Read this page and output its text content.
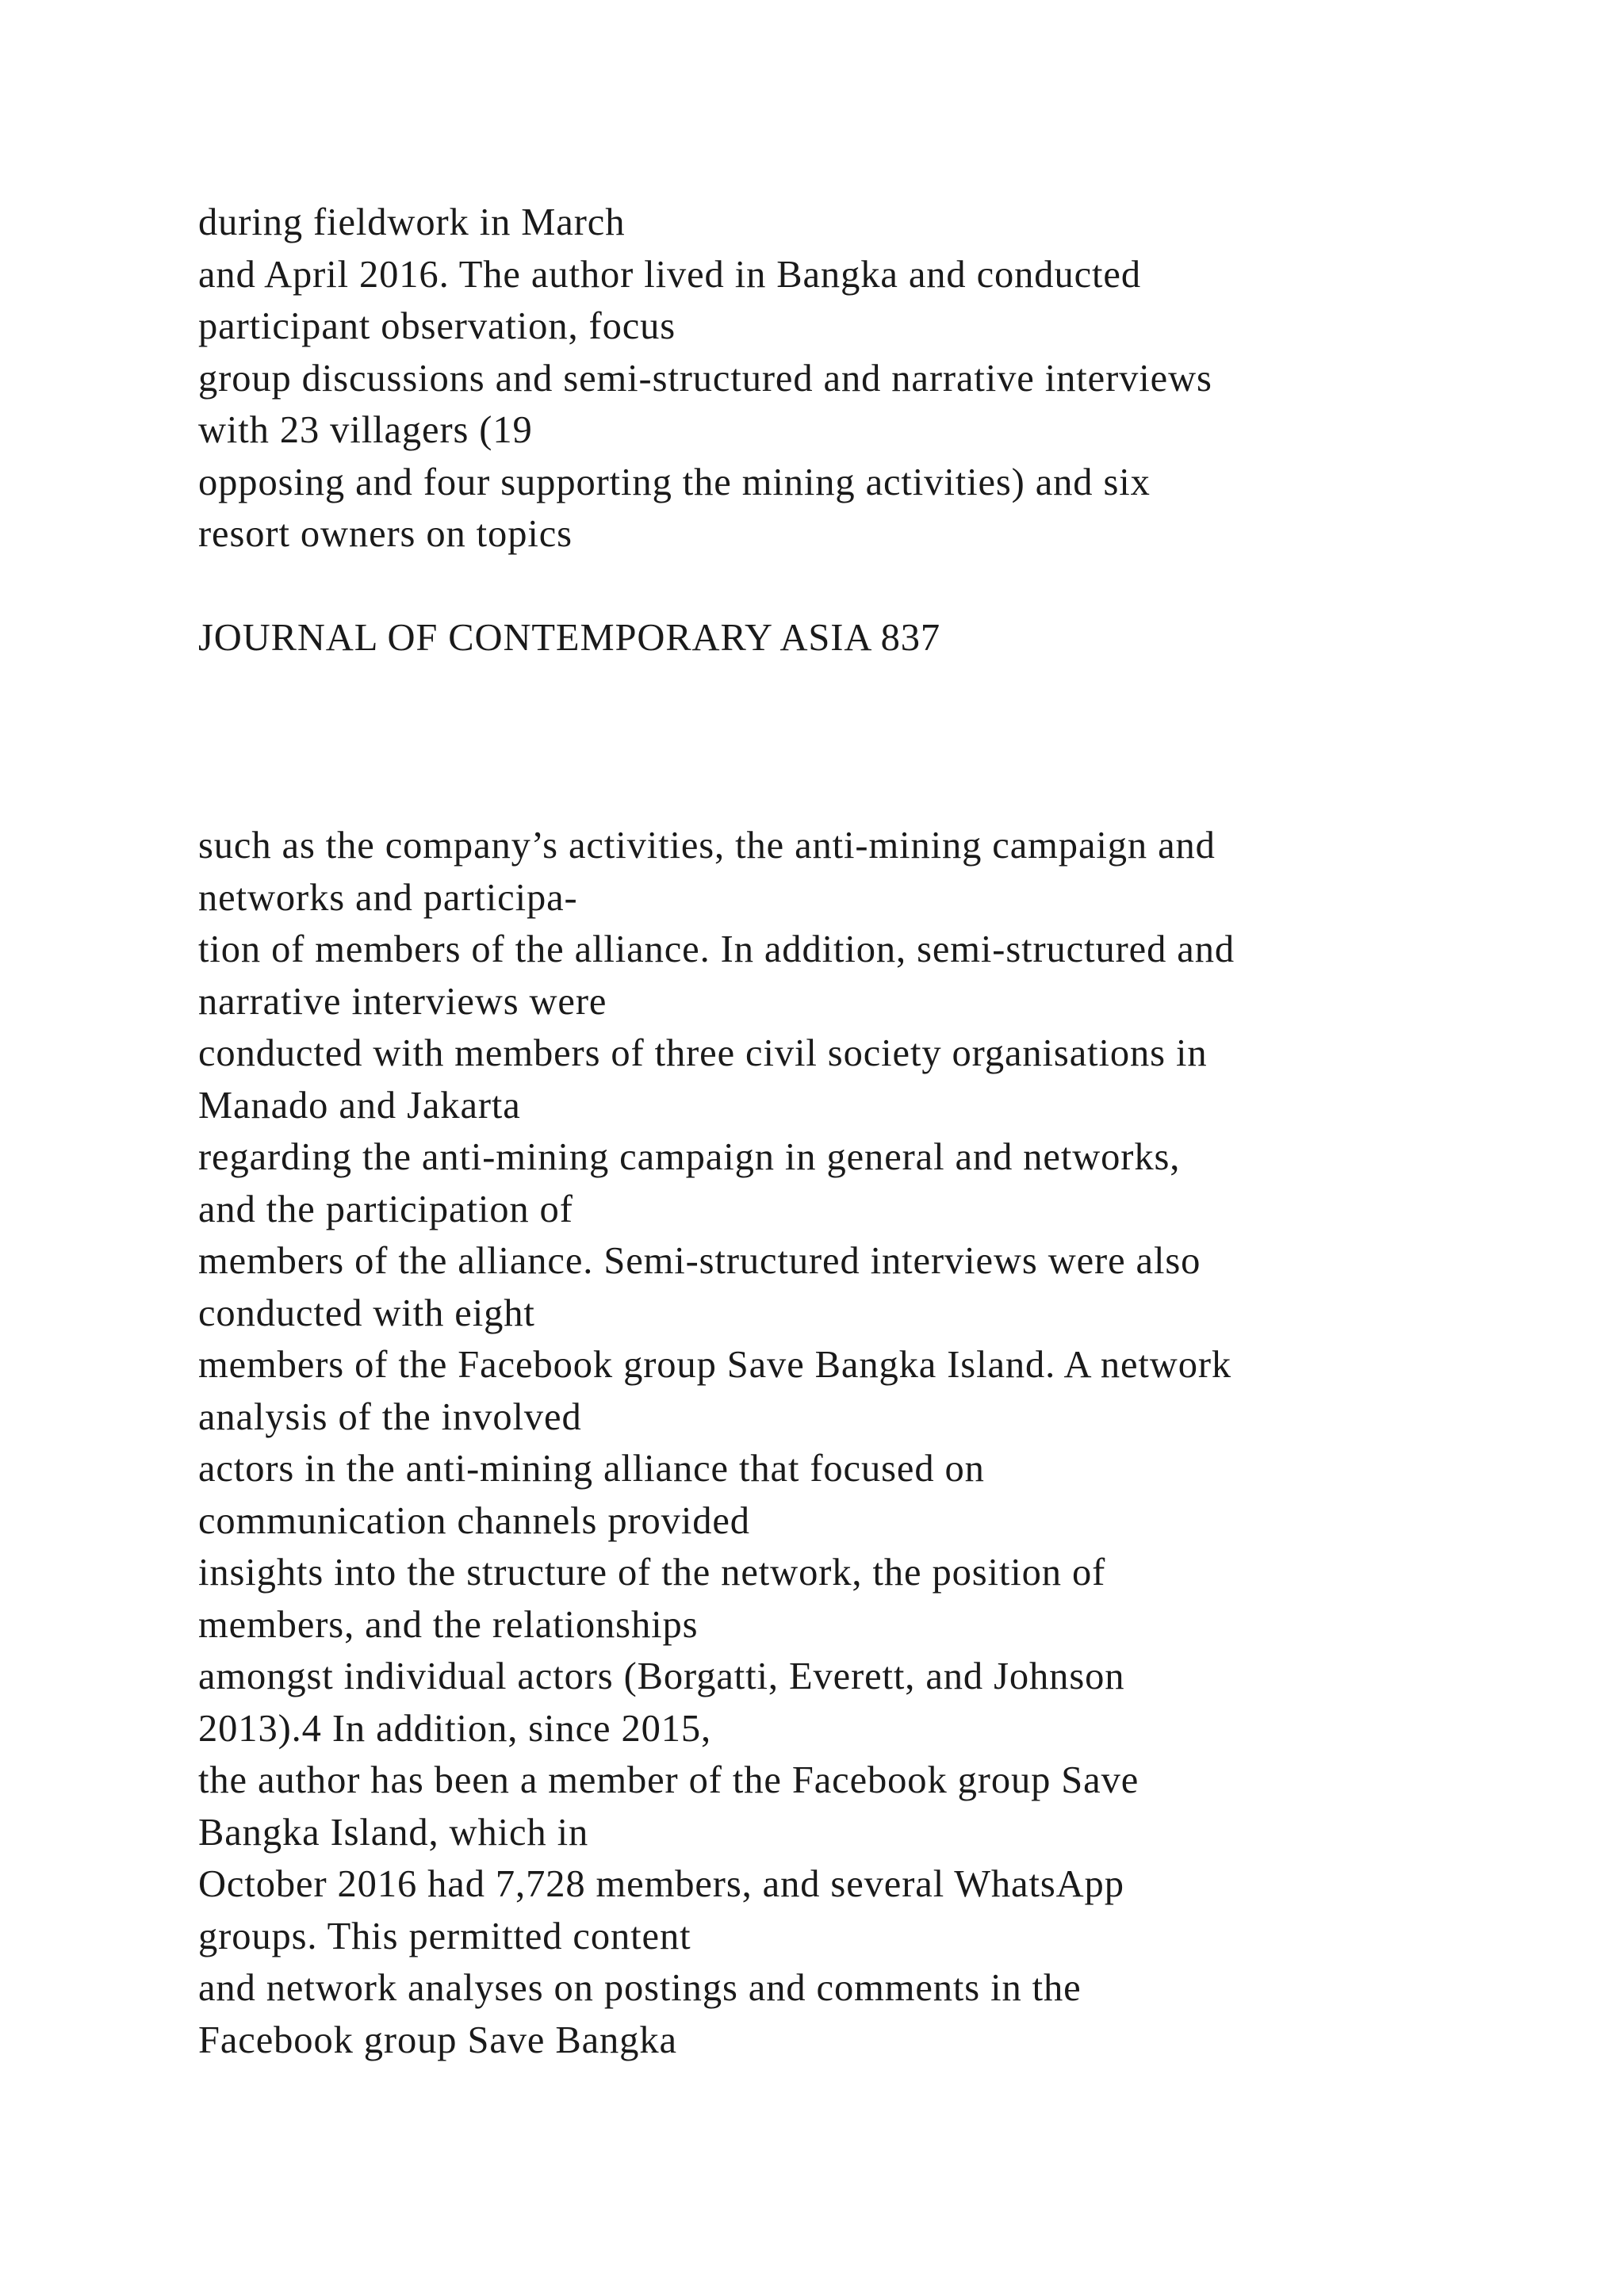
during fieldwork in March
and April 2016. The author lived in Bangka and conducted
participant observation, focus
group discussions and semi-structured and narrative interviews
with 23 villagers (19
opposing and four supporting the mining activities) and six
resort owners on topics
JOURNAL OF CONTEMPORARY ASIA 837
such as the company’s activities, the anti-mining campaign and
networks and participa-
tion of members of the alliance. In addition, semi-structured and
narrative interviews were
conducted with members of three civil society organisations in
Manado and Jakarta
regarding the anti-mining campaign in general and networks,
and the participation of
members of the alliance. Semi-structured interviews were also
conducted with eight
members of the Facebook group Save Bangka Island. A network
analysis of the involved
actors in the anti-mining alliance that focused on
communication channels provided
insights into the structure of the network, the position of
members, and the relationships
amongst individual actors (Borgatti, Everett, and Johnson
2013).4 In addition, since 2015,
the author has been a member of the Facebook group Save
Bangka Island, which in
October 2016 had 7,728 members, and several WhatsApp
groups. This permitted content
and network analyses on postings and comments in the
Facebook group Save Bangka
